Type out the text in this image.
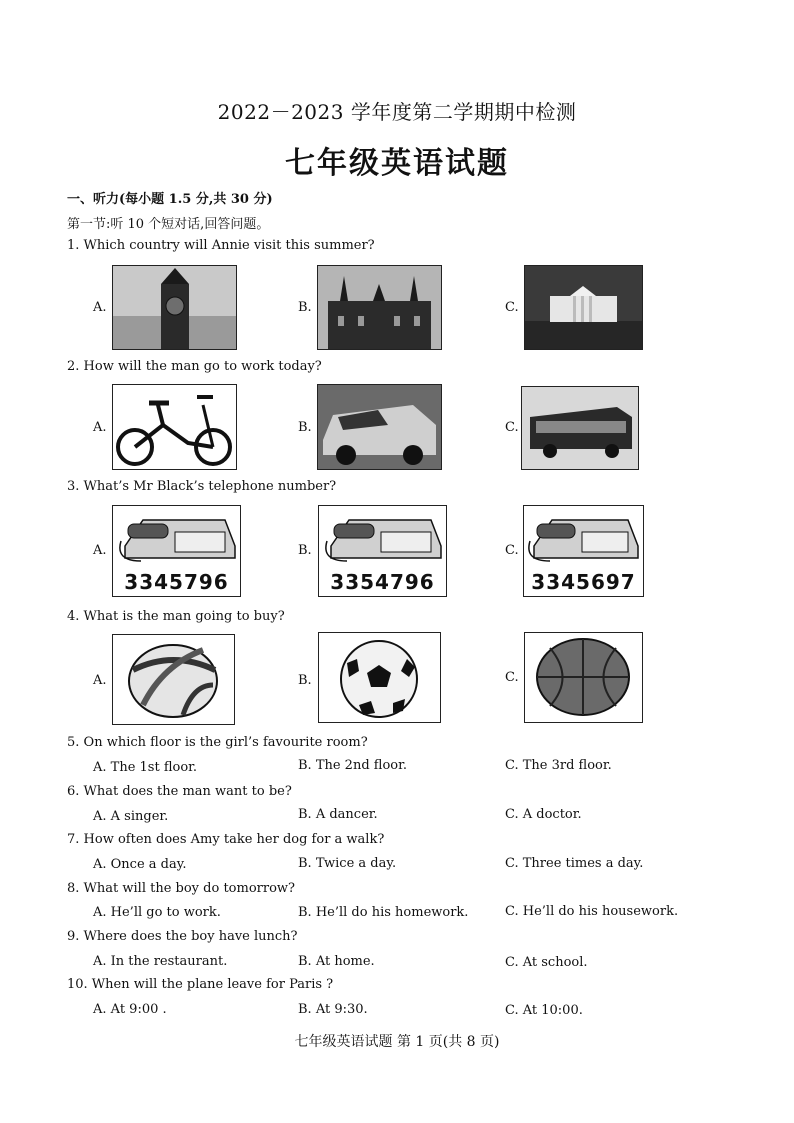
2022－2023 学年度第二学期期中检测
七年级英语试题
一、听力(每小题 1.5 分,共 30 分)
第一节:听 10 个短对话,回答问题。
1. Which country will Annie visit this summer?
A.	B.	C.
2. How will the man go to work today?
A.	B.	C.
3. What’s Mr Black’s telephone number?
A.
3345796
B.
3354796
C.
3345697
4. What is the man going to buy?
A.	B.	C.
5. On which floor is the girl’s favourite room?
A. The 1st floor.	B. The 2nd floor.	C. The 3rd floor.
6. What does the man want to be?
A. A singer.	B. A dancer.	C. A doctor.
7. How often does Amy take her dog for a walk?
A. Once a day.	B. Twice a day.	C. Three times a day.
8. What will the boy do tomorrow?
A. He’ll go to work.	B. He’ll do his homework.	C. He’ll do his housework.
9. Where does the boy have lunch?
A. In the restaurant.	B. At home.	C. At school.
10. When will the plane leave for Paris ?
A. At 9:00 .	B. At 9:30.	C. At 10:00.
七年级英语试题 第 1 页(共 8 页)
